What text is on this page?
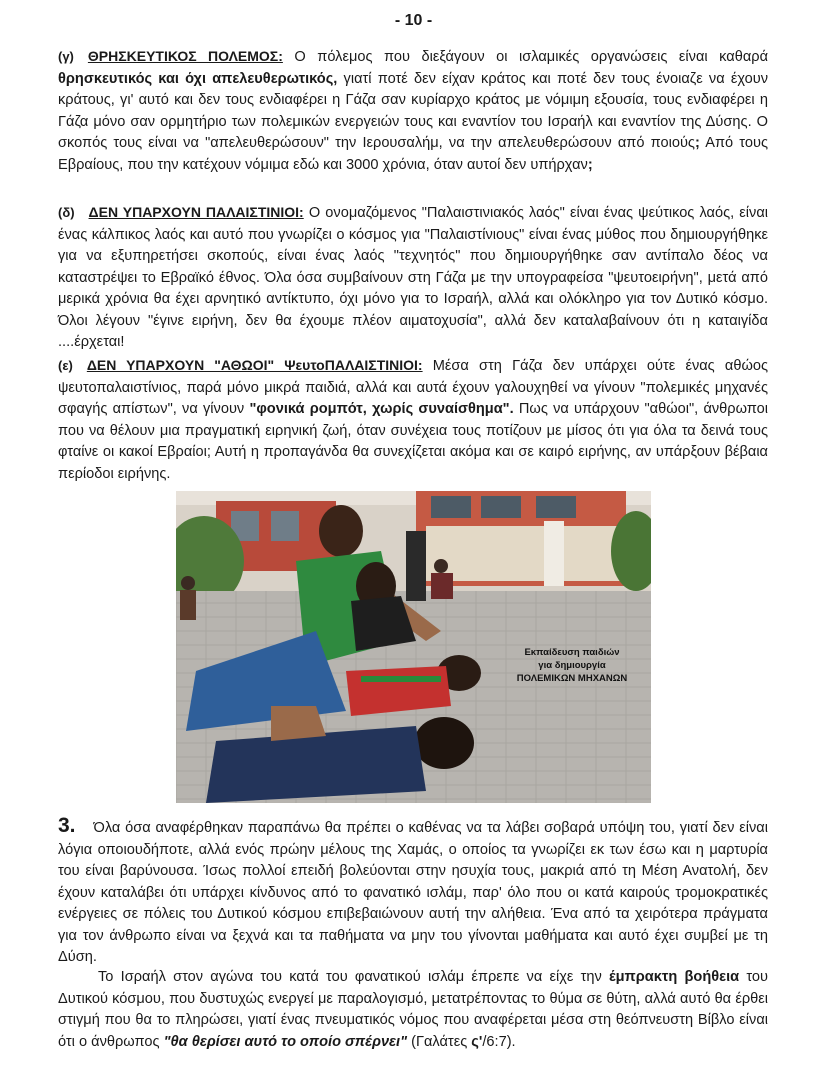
- 10 -

(γ) ΘΡΗΣΚΕΥΤΙΚΟΣ ΠΟΛΕΜΟΣ: Ο πόλεμος που διεξάγουν οι ισλαμικές οργανώσεις είναι καθαρά θρησκευτικός και όχι απελευθερωτικός, γιατί ποτέ δεν είχαν κράτος και ποτέ δεν τους ένοιαζε να έχουν κράτους, γι' αυτό και δεν τους ενδιαφέρει η Γάζα σαν κυρίαρχο κράτος με νόμιμη εξουσία, τους ενδιαφέρει η Γάζα μόνο σαν ορμητήριο των πολεμικών ενεργειών τους και εναντίον του Ισραήλ και εναντίον της Δύσης. Ο σκοπός τους είναι να "απελευθερώσουν" την Ιερουσαλήμ, να την απελευθερώσουν από ποιούς; Από τους Εβραίους, που την κατέχουν νόμιμα εδώ και 3000 χρόνια, όταν αυτοί δεν υπήρχαν;

(δ) ΔΕΝ ΥΠΑΡΧΟΥΝ ΠΑΛΑΙΣΤΙΝΙΟΙ: Ο ονομαζόμενος "Παλαιστινιακός λαός" είναι ένας ψεύτικος λαός, είναι ένας κάλπικος λαός και αυτό που γνωρίζει ο κόσμος για "Παλαιστίνιους" είναι ένας μύθος που δημιουργήθηκε για να εξυπηρετήσει σκοπούς, είναι ένας λαός "τεχνητός" που δημιουργήθηκε σαν αντίπαλο δέος να καταστρέψει το Εβραϊκό έθνος. Όλα όσα συμβαίνουν στη Γάζα με την υπογραφείσα "ψευτοειρήνη", μετά από μερικά χρόνια θα έχει αρνητικό αντίκτυπο, όχι μόνο για το Ισραήλ, αλλά και ολόκληρο για τον Δυτικό κόσμο. Όλοι λέγουν "έγινε ειρήνη, δεν θα έχουμε πλέον αιματοχυσία", αλλά δεν καταλαβαίνουν ότι η καταιγίδα ....έρχεται!

(ε) ΔΕΝ ΥΠΑΡΧΟΥΝ "ΑΘΩΟΙ" ΨευτοΠΑΛΑΙΣΤΙΝΙΟΙ: Μέσα στη Γάζα δεν υπάρχει ούτε ένας αθώος ψευτοπαλαιστίνιος, παρά μόνο μικρά παιδιά, αλλά και αυτά έχουν γαλουχηθεί να γίνουν "πολεμικές μηχανές σφαγής απίστων", να γίνουν "φονικά ρομπότ, χωρίς συναίσθημα". Πως να υπάρχουν "αθώοι", άνθρωποι που να θέλουν μια πραγματική ειρηνική ζωή, όταν συνέχεια τους ποτίζουν με μίσος ότι για όλα τα δεινά τους φταίνε οι κακοί Εβραίοι; Αυτή η προπαγάνδα θα συνεχίζεται ακόμα και σε καιρό ειρήνης, αν υπάρξουν βέβαια περίοδοι ειρήνης.

Εκπαίδευση παιδιών
για δημιουργία
ΠΟΛΕΜΙΚΩΝ ΜΗΧΑΝΩΝ

3. Όλα όσα αναφέρθηκαν παραπάνω θα πρέπει ο καθένας να τα λάβει σοβαρά υπόψη του, γιατί δεν είναι λόγια οποιουδήποτε, αλλά ενός πρώην μέλους της Χαμάς, ο οποίος τα γνωρίζει εκ των έσω και η μαρτυρία του είναι βαρύνουσα. Ίσως πολλοί επειδή βολεύονται στην ησυχία τους, μακριά από τη Μέση Ανατολή, δεν έχουν καταλάβει ότι υπάρχει κίνδυνος από το φανατικό ισλάμ, παρ' όλο που οι κατά καιρούς τρομοκρατικές ενέργειες σε πόλεις του Δυτικού κόσμου επιβεβαιώνουν αυτή την αλήθεια. Ένα από τα χειρότερα πράγματα για τον άνθρωπο είναι να ξεχνά και τα παθήματα να μην του γίνονται μαθήματα και αυτό έχει συμβεί με τη Δύση.

Το Ισραήλ στον αγώνα του κατά του φανατικού ισλάμ έπρεπε να είχε την έμπρακτη βοήθεια του Δυτικού κόσμου, που δυστυχώς ενεργεί με παραλογισμό, μετατρέποντας το θύμα σε θύτη, αλλά αυτό θα έρθει στιγμή που θα το πληρώσει, γιατί ένας πνευματικός νόμος που αναφέρεται μέσα στη θεόπνευστη Βίβλο είναι ότι ο άνθρωπος "θα θερίσει αυτό το οποίο σπέρνει" (Γαλάτες ς'/6:7).
